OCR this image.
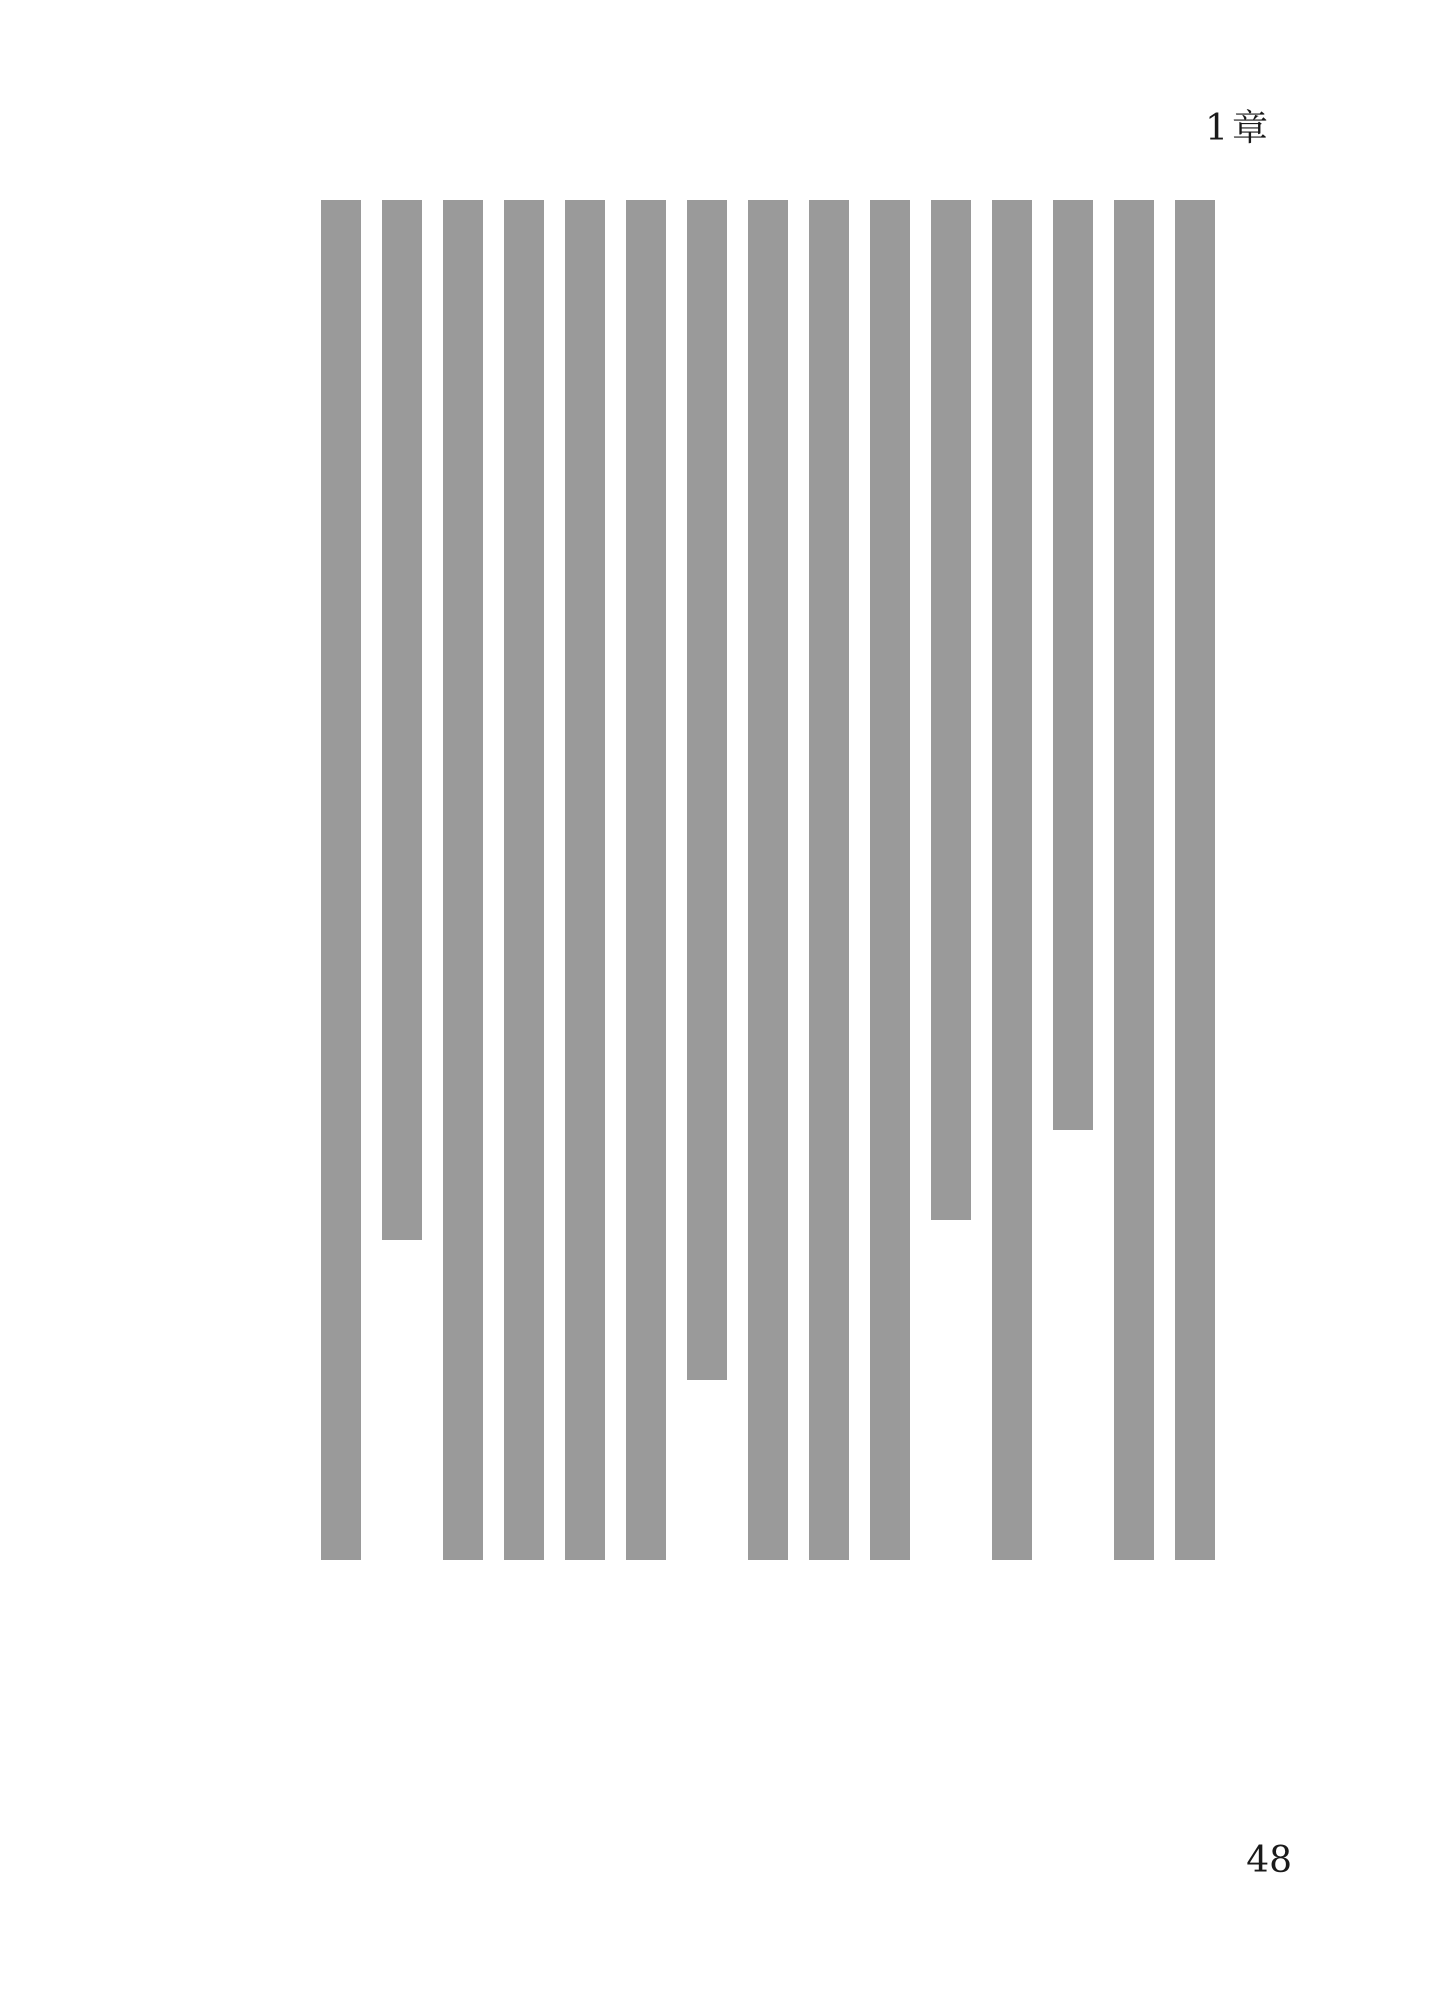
1章
48
